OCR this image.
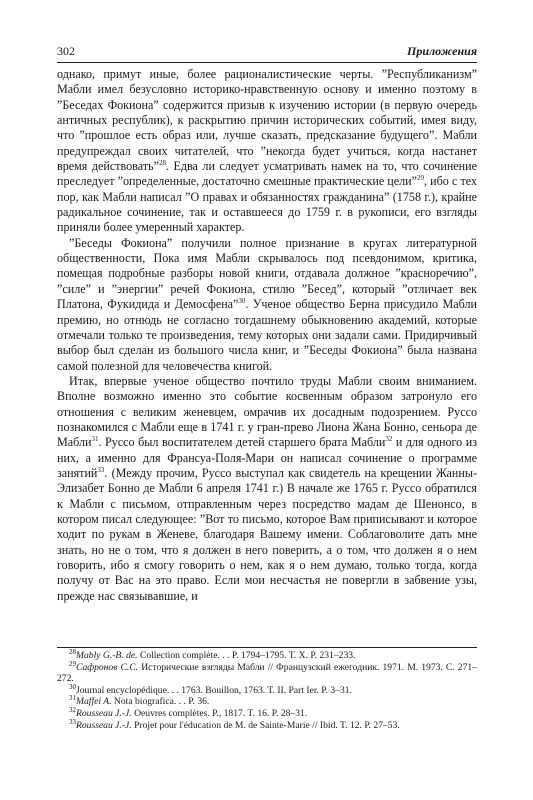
302	Приложения

однако, примут иные, более рационалистические черты. ”Республиканизм” Мабли имел безусловно историко-нравственную основу и именно поэтому в ”Беседах Фокиона” содержится призыв к изучению истории (в первую очередь античных республик), к раскрытию причин исторических событий, имея виду, что ”прошлое есть образ или, лучше сказать, предсказание будущего”. Мабли предупреждал своих читателей, что ”некогда будет учиться, когда настанет время действовать”$^{28}$. Едва ли следует усматривать намек на то, что сочинение преследует ”определенные, достаточно смешные практические цели”$^{29}$, ибо с тех пор, как Мабли написал ”О правах и обязанностях гражданина” (1758 г.), крайне радикальное сочинение, так и оставшееся до 1759 г. в рукописи, его взгляды приняли более умеренный характер.

”Беседы Фокиона” получили полное признание в кругах литературной общественности, Пока имя Мабли скрывалось под псевдонимом, критика, помещая подробные разборы новой книги, отдавала должное ”красноречию”, ”силе” и ”энергии” речей Фокиона, стилю ”Бесед”, который ”отличает век Платона, Фукидида и Демосфена”$^{30}$. Ученое общество Берна присудило Мабли премию, но отнюдь не согласно тогдашнему обыкновению академий, которые отмечали только те произведения, тему которых они задали сами. Придирчивый выбор был сделан из большого числа книг, и ”Беседы Фокиона” была названа самой полезной для человечества книгой.

Итак, впервые ученое общество почтило труды Мабли своим вниманием. Вполне возможно именно это событие косвенным образом затронуло его отношения с великим женевцем, омрачив их досадным подозрением. Руссо познакомился с Мабли еще в 1741 г. у гран-прево Лиона Жана Бонно, сеньора де Мабли$^{31}$. Руссо был воспитателем детей старшего брата Мабли$^{32}$ и для одного из них, а именно для Франсуа-Поля-Мари он написал сочинение о программе занятий$^{33}$. (Между прочим, Руссо выступал как свидетель на крещении Жанны-Элизабет Бонно де Мабли 6 апреля 1741 г.) В начале же 1765 г. Руссо обратился к Мабли с письмом, отправленным через посредство мадам де Шенонсо, в котором писал следующее: ”Вот то письмо, которое Вам приписывают и которое ходит по рукам в Женеве, благодаря Вашему имени. Соблаговолите дать мне знать, но не о том, что я должен в него поверить, а о том, что должен я о нем говорить, ибо я смогу говорить о нем, как я о нем думаю, только тогда, когда получу от Вас на это право. Если мои несчастья не повергли в забвение узы, прежде нас связывавшие, и

$^{28}$Mably G.-B. de. Collection complète. . . P. 1794–1795. T. X. P. 231–233.

$^{29}$Сафронов С.С. Исторические взгляды Мабли // Французский ежегодник. 1971. М. 1973. С. 271–272.

$^{30}$Journal encyclopédique. . . 1763. Bouillon, 1763. T. II. Part Ier. P. 3–31.

$^{31}$Maffei A. Nota biografica. . . P. 36.

$^{32}$Rousseau J.-J. Oeuvres complètes. P., 1817. T. 16. P. 28–31.

$^{33}$Rousseau J.-J. Projet pour l'éducation de M. de Sainte-Marie // Ibid. T. 12. P. 27–53.
